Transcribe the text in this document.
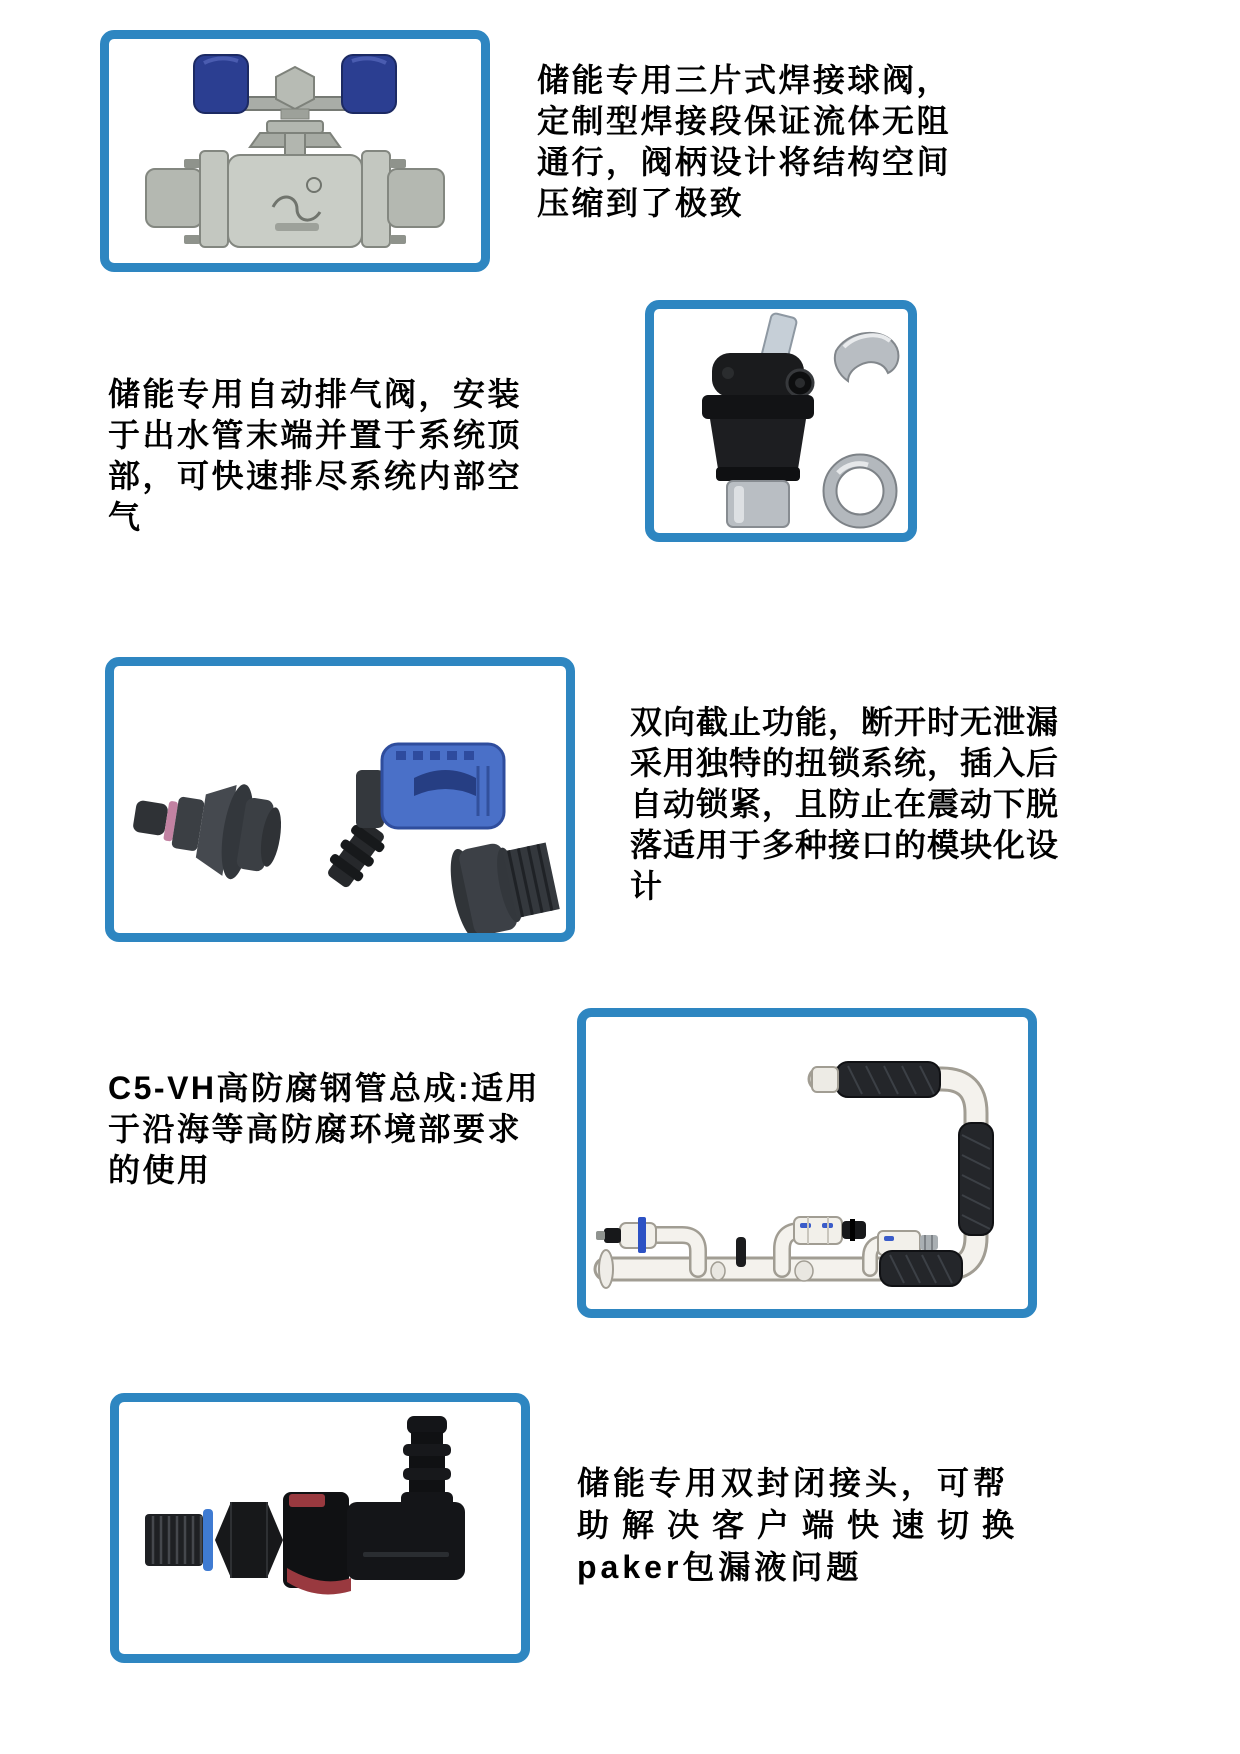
储能专用三片式焊接球阀，
定制型焊接段保证流体无阻
通行，阀柄设计将结构空间
压缩到了极致
储能专用自动排气阀，安装
于出水管末端并置于系统顶
部，可快速排尽系统内部空
气
双向截止功能，断开时无泄漏
采用独特的扭锁系统，插入后
自动锁紧，且防止在震动下脱
落适用于多种接口的模块化设
计
C5-VH高防腐钢管总成:适用
于沿海等高防腐环境部要求
的使用
储能专用双封闭接头，可帮
助解决客户端快速切换
paker包漏液问题
